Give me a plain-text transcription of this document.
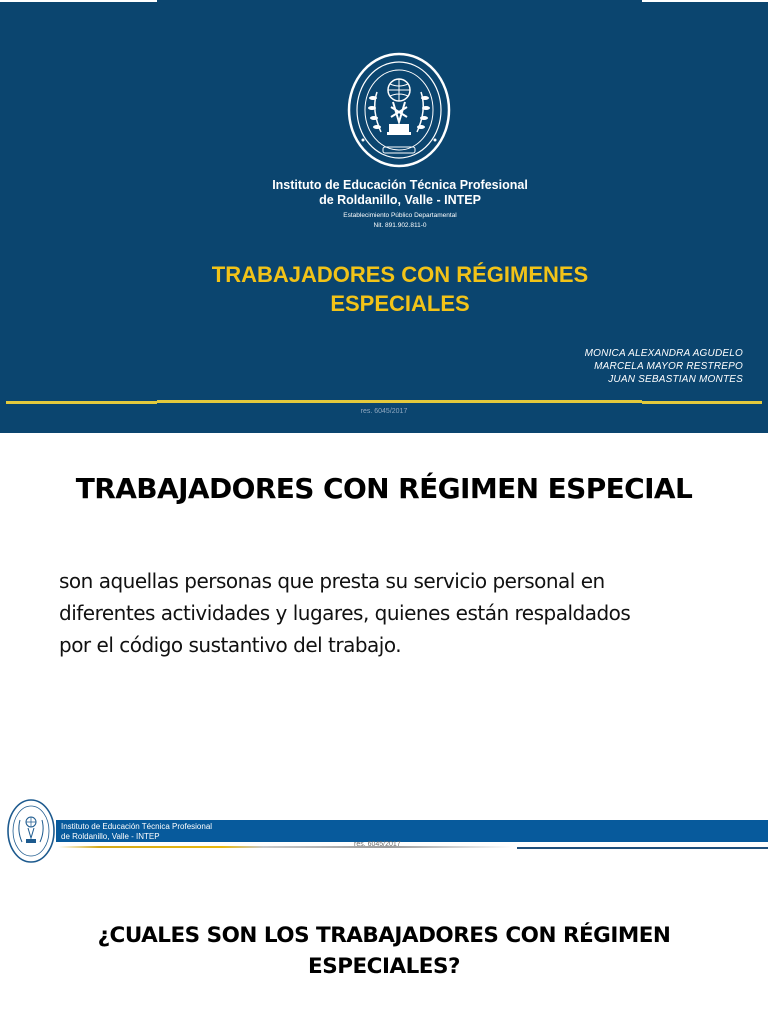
Instituto de Educación Técnica Profesional
de Roldanillo, Valle - INTEP
Establecimiento Público Departamental
Nit. 891.902.811-0
TRABAJADORES CON RÉGIMENES
ESPECIALES
MONICA ALEXANDRA AGUDELO
MARCELA MAYOR RESTREPO
JUAN SEBASTIAN MONTES
res. 6045/2017
TRABAJADORES CON RÉGIMEN ESPECIAL
son aquellas personas que presta su servicio personal en
diferentes actividades y lugares, quienes están respaldados
por el código sustantivo del trabajo.
Instituto de Educación Técnica Profesional
de Roldanillo, Valle - INTEP
res. 6045/2017
¿CUALES SON LOS TRABAJADORES CON RÉGIMEN
ESPECIALES?
